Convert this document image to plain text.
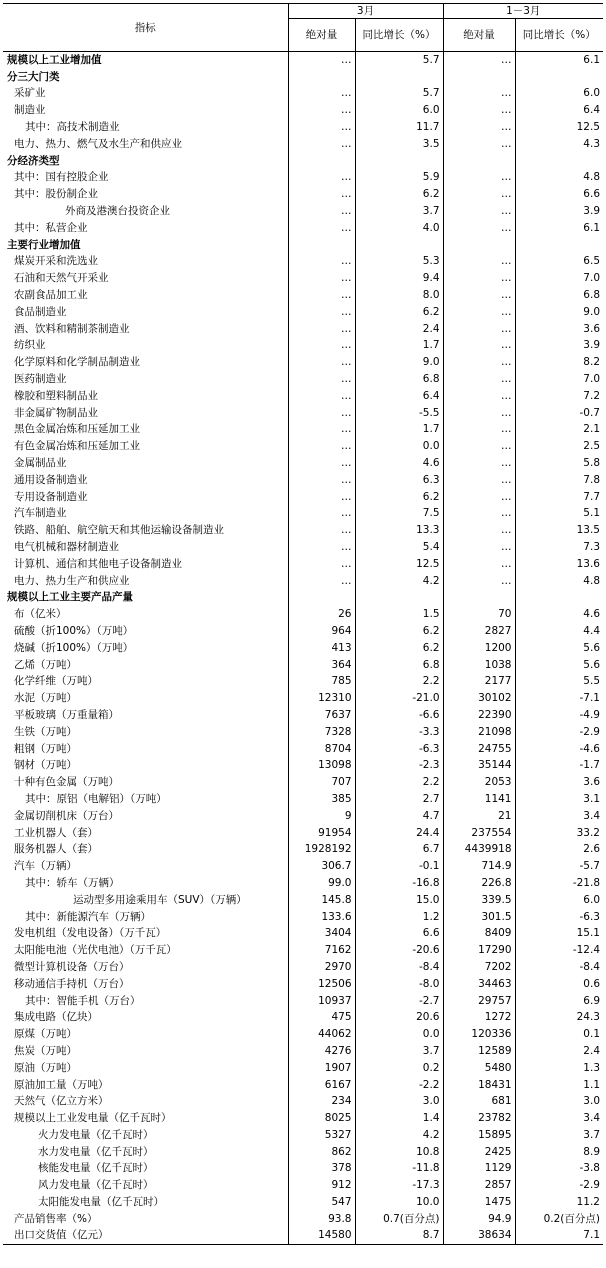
指标	3月		1－3月	
	绝对量	同比增长（%）	绝对量	同比增长（%）
规模以上工业增加值	…	5.7	…	6.1
分三大门类				
采矿业	…	5.7	…	6.0
制造业	…	6.0	…	6.4
其中：高技术制造业	…	11.7	…	12.5
电力、热力、燃气及水生产和供应业	…	3.5	…	4.3
分经济类型				
其中：国有控股企业	…	5.9	…	4.8
其中：股份制企业	…	6.2	…	6.6
外商及港澳台投资企业	…	3.7	…	3.9
其中：私营企业	…	4.0	…	6.1
主要行业增加值				
煤炭开采和洗选业	…	5.3	…	6.5
石油和天然气开采业	…	9.4	…	7.0
农副食品加工业	…	8.0	…	6.8
食品制造业	…	6.2	…	9.0
酒、饮料和精制茶制造业	…	2.4	…	3.6
纺织业	…	1.7	…	3.9
化学原料和化学制品制造业	…	9.0	…	8.2
医药制造业	…	6.8	…	7.0
橡胶和塑料制品业	…	6.4	…	7.2
非金属矿物制品业	…	-5.5	…	-0.7
黑色金属冶炼和压延加工业	…	1.7	…	2.1
有色金属冶炼和压延加工业	…	0.0	…	2.5
金属制品业	…	4.6	…	5.8
通用设备制造业	…	6.3	…	7.8
专用设备制造业	…	6.2	…	7.7
汽车制造业	…	7.5	…	5.1
铁路、船舶、航空航天和其他运输设备制造业	…	13.3	…	13.5
电气机械和器材制造业	…	5.4	…	7.3
计算机、通信和其他电子设备制造业	…	12.5	…	13.6
电力、热力生产和供应业	…	4.2	…	4.8
规模以上工业主要产品产量				
布（亿米）	26	1.5	70	4.6
硫酸（折100%）（万吨）	964	6.2	2827	4.4
烧碱（折100%）（万吨）	413	6.2	1200	5.6
乙烯（万吨）	364	6.8	1038	5.6
化学纤维（万吨）	785	2.2	2177	5.5
水泥（万吨）	12310	-21.0	30102	-7.1
平板玻璃（万重量箱）	7637	-6.6	22390	-4.9
生铁（万吨）	7328	-3.3	21098	-2.9
粗钢（万吨）	8704	-6.3	24755	-4.6
钢材（万吨）	13098	-2.3	35144	-1.7
十种有色金属（万吨）	707	2.2	2053	3.6
其中：原铝（电解铝）（万吨）	385	2.7	1141	3.1
金属切削机床（万台）	9	4.7	21	3.4
工业机器人（套）	91954	24.4	237554	33.2
服务机器人（套）	1928192	6.7	4439918	2.6
汽车（万辆）	306.7	-0.1	714.9	-5.7
其中：轿车（万辆）	99.0	-16.8	226.8	-21.8
运动型多用途乘用车（SUV）（万辆）	145.8	15.0	339.5	6.0
其中：新能源汽车（万辆）	133.6	1.2	301.5	-6.3
发电机组（发电设备）（万千瓦）	3404	6.6	8409	15.1
太阳能电池（光伏电池）（万千瓦）	7162	-20.6	17290	-12.4
微型计算机设备（万台）	2970	-8.4	7202	-8.4
移动通信手持机（万台）	12506	-8.0	34463	0.6
其中：智能手机（万台）	10937	-2.7	29757	6.9
集成电路（亿块）	475	20.6	1272	24.3
原煤（万吨）	44062	0.0	120336	0.1
焦炭（万吨）	4276	3.7	12589	2.4
原油（万吨）	1907	0.2	5480	1.3
原油加工量（万吨）	6167	-2.2	18431	1.1
天然气（亿立方米）	234	3.0	681	3.0
规模以上工业发电量（亿千瓦时）	8025	1.4	23782	3.4
火力发电量（亿千瓦时）	5327	4.2	15895	3.7
水力发电量（亿千瓦时）	862	10.8	2425	8.9
核能发电量（亿千瓦时）	378	-11.8	1129	-3.8
风力发电量（亿千瓦时）	912	-17.3	2857	-2.9
太阳能发电量（亿千瓦时）	547	10.0	1475	11.2
产品销售率（%）	93.8	0.7(百分点)	94.9	0.2(百分点)
出口交货值（亿元）	14580	8.7	38634	7.1
